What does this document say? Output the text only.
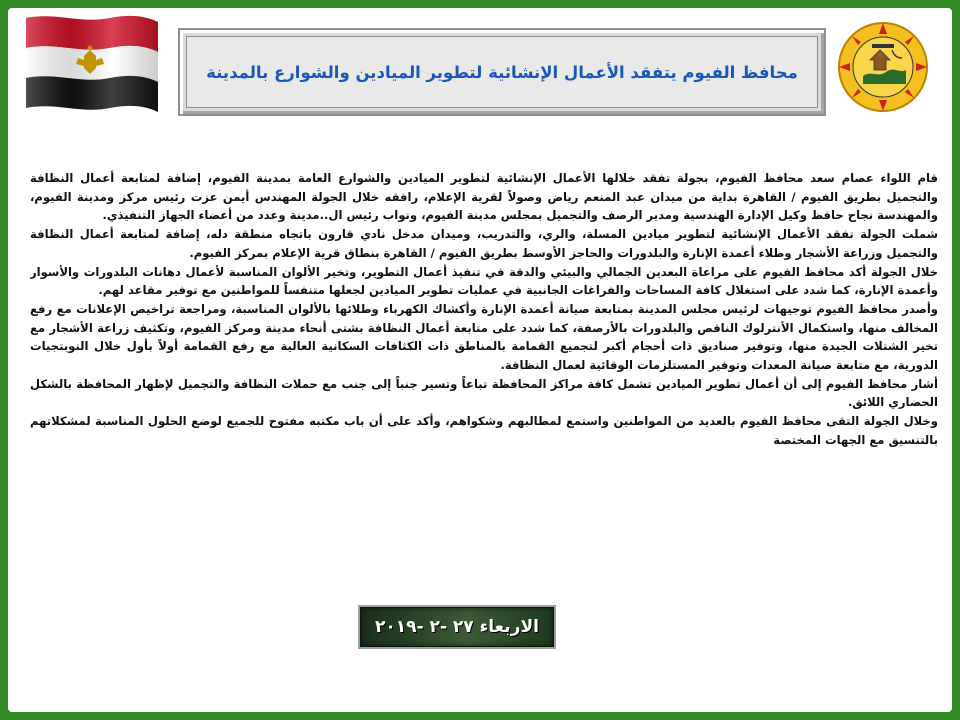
محافظ الفيوم يتفقد الأعمال الإنشائية لتطوير الميادين والشوارع بالمدينة

قام اللواء عصام سعد محافظ الفيوم، بجولة تفقد خلالها الأعمال الإنشائية لتطوير الميادين والشوارع العامة بمدينة الفيوم، إضافة لمتابعة أعمال النظافة والتجميل بطريق الفيوم / القاهرة بداية من ميدان عبد المنعم رياض وصولاً لقرية الإعلام، رافقه خلال الجولة المهندس أيمن عزت رئيس مركز ومدينة الفيوم، والمهندسة نجاح حافظ وكيل الإدارة الهندسية ومدير الرصف والتجميل بمجلس مدينة الفيوم، ونواب رئيس ال..مدينة وعدد من أعضاء الجهاز التنفيذي.

شملت الجولة تفقد الأعمال الإنشائية لتطوير ميادين المسلة، والري، والتدريب، وميدان مدخل نادي قارون باتجاه منطقة دله، إضافة لمتابعة أعمال النظافة والتجميل وزراعة الأشجار وطلاء أعمدة الإنارة والبلدورات والحاجز الأوسط بطريق الفيوم / القاهرة بنطاق قرية الإعلام بمركز الفيوم.

خلال الجولة أكد محافظ الفيوم على مراعاة البعدين الجمالي والبيئي والدقة في تنفيذ أعمال التطوير، وتخير الألوان المناسبة لأعمال دهانات البلدورات والأسوار وأعمدة الإنارة، كما شدد على استغلال كافة المساحات والفراغات الجانبية في عمليات تطوير الميادين لجعلها متنفساً للمواطنين مع توفير مقاعد لهم.

وأصدر محافظ الفيوم توجيهات لرئيس مجلس المدينة بمتابعة صيانة أعمدة الإنارة وأكشاك الكهرباء وطلائها بالألوان المناسبة، ومراجعة تراخيص الإعلانات مع رفع المخالف منها، واستكمال الأنترلوك الناقص والبلدورات بالأرصفة، كما شدد على متابعة أعمال النظافة بشتى أنحاء مدينة ومركز الفيوم، وتكثيف زراعة الأشجار مع تخير الشتلات الجيدة منها، وتوفير صناديق ذات أحجام أكبر لتجميع القمامة بالمناطق ذات الكثافات السكانية العالية مع رفع القمامة أولاً بأول خلال النوبتجيات الدورية، مع متابعة صيانة المعدات وتوفير المستلزمات الوقائية لعمال النظافة.

أشار محافظ الفيوم إلى أن أعمال تطوير الميادين تشمل كافة مراكز المحافظة تباعاً وتسير جنباً إلى جنب مع حملات النظافة والتجميل لإظهار المحافظة بالشكل الحضاري اللائق.

وخلال الجولة التقى محافظ الفيوم بالعديد من المواطنين واستمع لمطالبهم وشكواهم، وأكد على أن باب مكتبه مفتوح للجميع لوضع الحلول المناسبة لمشكلاتهم بالتنسيق مع الجهات المختصة

الاربعاء ٢٧ -٢ -٢٠١٩
